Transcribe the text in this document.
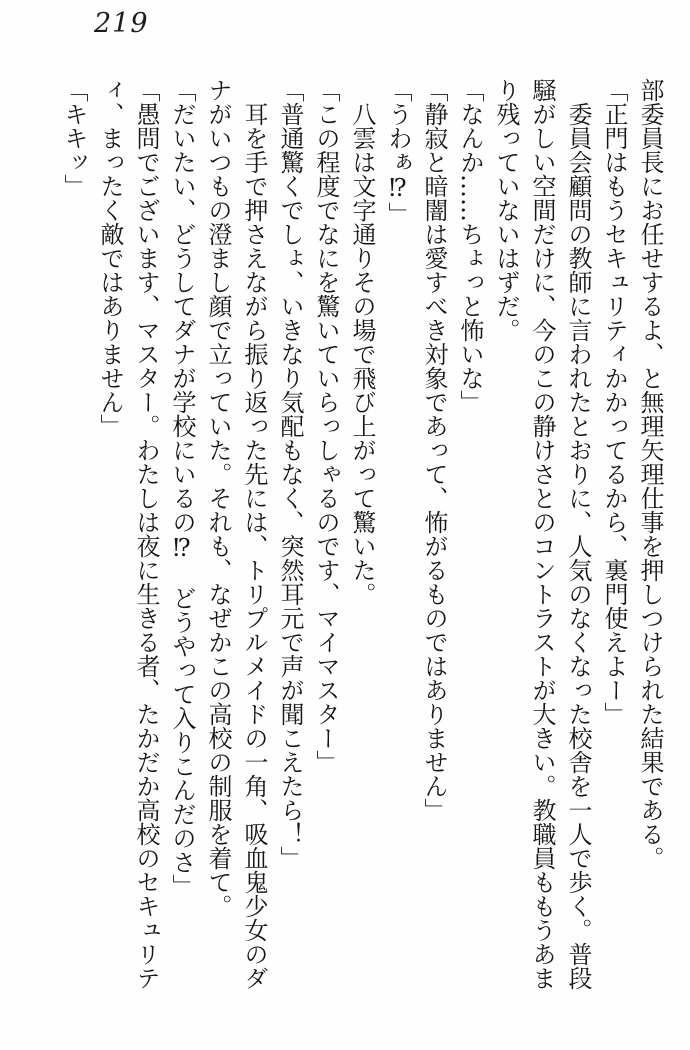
219

部委員長にお任せするよ、と無理矢理仕事を押しつけられた結果である。

「正門はもうセキュリティかかってるから、裏門使えよー」

委員会顧問の教師に言われたとおりに、人気のなくなった校舎を一人で歩く。普段騒がしい空間だけに、今のこの静けさとのコントラストが大きい。教職員ももうあまり残っていないはずだ。

「なんか……ちょっと怖いな」

「静寂と暗闇は愛すべき対象であって、怖がるものではありません」

「うわぁ⁉」

八雲は文字通りその場で飛び上がって驚いた。

「この程度でなにを驚いていらっしゃるのです、マイマスター」

「普通驚くでしょ、いきなり気配もなく、突然耳元で声が聞こえたら！」

耳を手で押さえながら振り返った先には、トリプルメイドの一角、吸血鬼少女のダナがいつもの澄まし顔で立っていた。それも、なぜかこの高校の制服を着て。

「だいたい、どうしてダナが学校にいるの⁉　どうやって入りこんだのさ」

「愚問でございます、マスター。わたしは夜に生きる者、たかだか高校のセキュリティ、まったく敵ではありません」

「キキッ」
